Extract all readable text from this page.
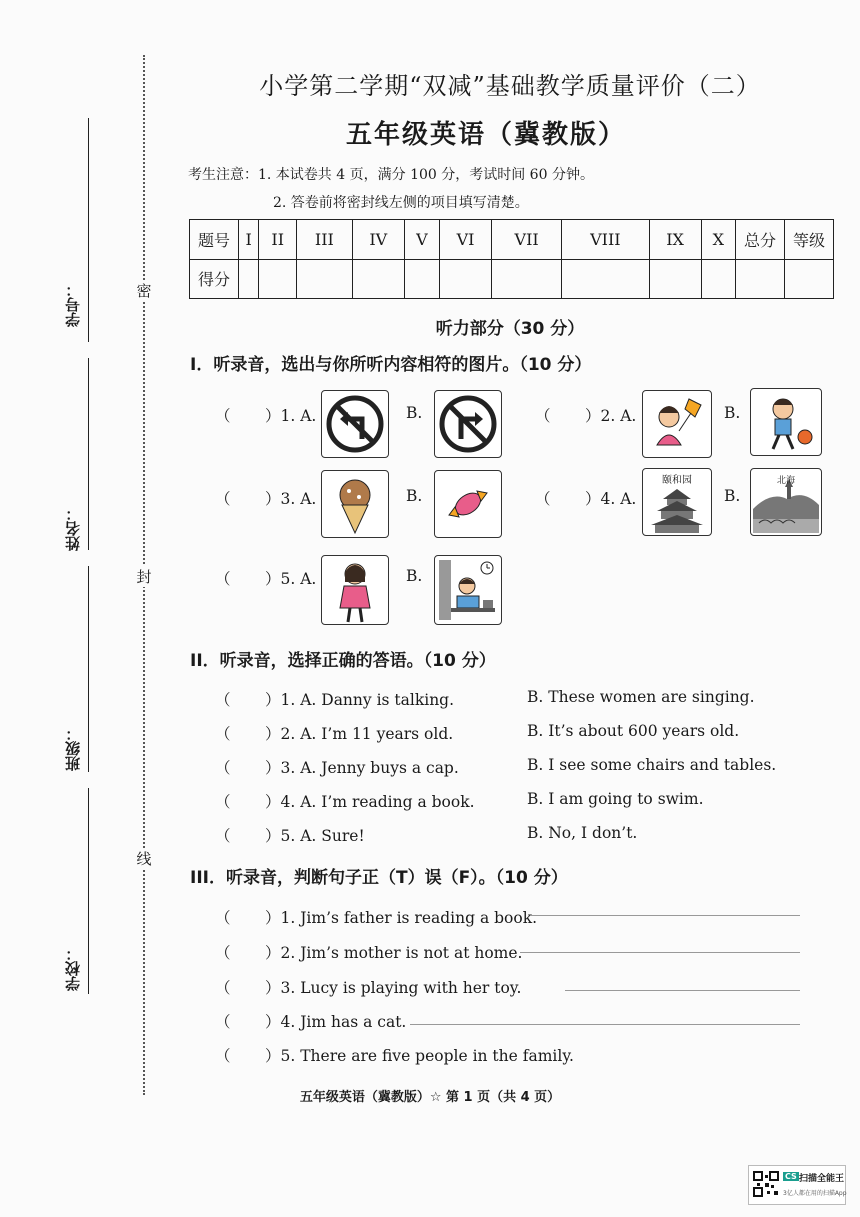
密
封
线
学号：
姓名：
班级：
学校：
小学第二学期“双减”基础教学质量评价（二）
五年级英语（冀教版）
考生注意：1. 本试卷共 4 页，满分 100 分，考试时间 60 分钟。
2. 答卷前将密封线左侧的项目填写清楚。
题号	I	II	III	IV	V	VI	VII	VIII	IX	X	总分	等级
得分												
听力部分（30 分）
I．听录音，选出与你所听内容相符的图片。（10 分）
（ ）1. A.	B.	（ ）2. A.	B.
（ ）3. A.	B.	（ ）4. A.
颐和园
B.
北海
（ ）5. A.	B.
II．听录音，选择正确的答语。（10 分）
（ ）1. A. Danny is talking.	B. These women are singing.
（ ）2. A. I’m 11 years old.	B. It’s about 600 years old.
（ ）3. A. Jenny buys a cap.	B. I see some chairs and tables.
（ ）4. A. I’m reading a book.	B. I am going to swim.
（ ）5. A. Sure!	B. No, I don’t.
III．听录音，判断句子正（T）误（F）。（10 分）
（ ）1. Jim’s father is reading a book.
（ ）2. Jim’s mother is not at home.
（ ）3. Lucy is playing with her toy.
（ ）4. Jim has a cat.
（ ）5. There are five people in the family.
五年级英语（冀教版）☆ 第 1 页（共 4 页）
CS 扫描全能王
3亿人都在用的扫描App
